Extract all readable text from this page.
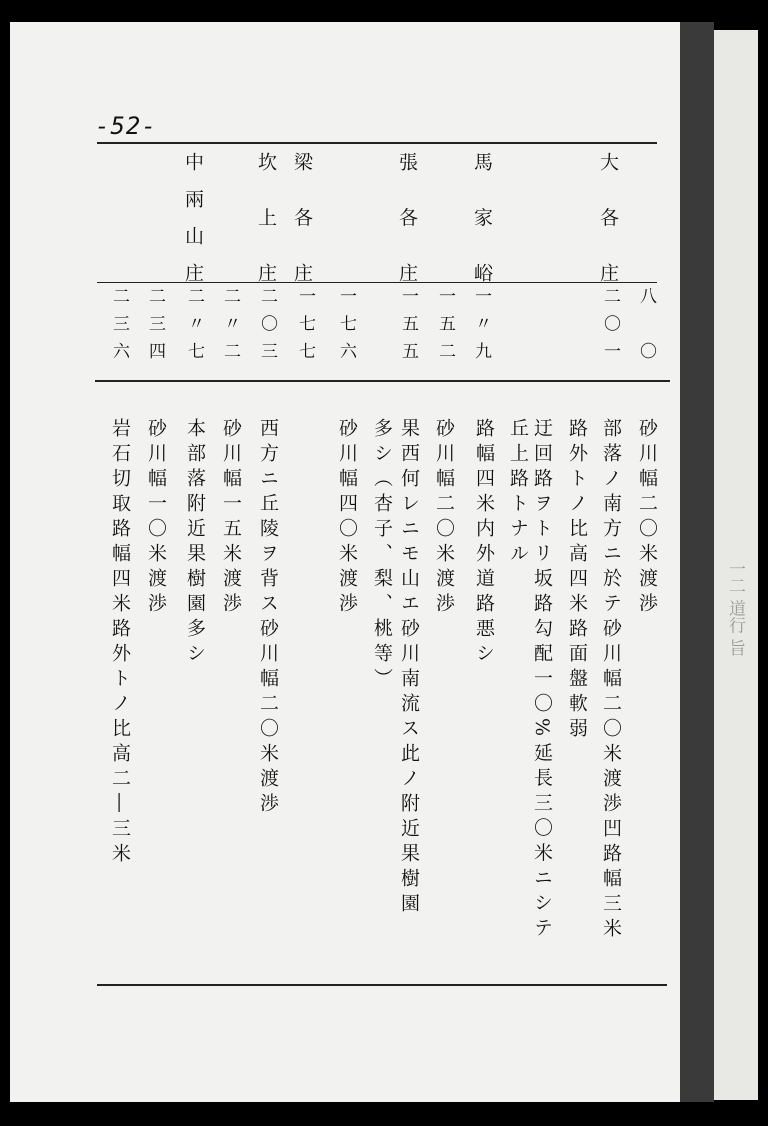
一二 道行 旨
-52-
大各庄
馬家峪
張各庄
梁各庄
坎上庄
中兩山庄
二〇一 八〇
一〃九
一五二
一五五
一七六
一七七
二〇三
二〃二
二〃七
二三四
二三六
砂川幅二〇米渡渉
部落ノ南方ニ於テ砂川幅二〇米渡渉凹路幅三米
路外トノ比高四米路面盤軟弱
迂回路ヲトリ坂路勾配一〇%延長三〇米ニシテ
丘上路トナル
路幅四米内外道路悪シ
砂川幅二〇米渡渉
果西何レニモ山エ砂川南流ス此ノ附近果樹園
多シ（杏子、梨、桃等）
砂川幅四〇米渡渉
西方ニ丘陵ヲ背ス砂川幅二〇米渡渉
砂川幅一五米渡渉
本部落附近果樹園多シ
砂川幅一〇米渡渉
岩石切取路幅四米路外トノ比高二―三米
